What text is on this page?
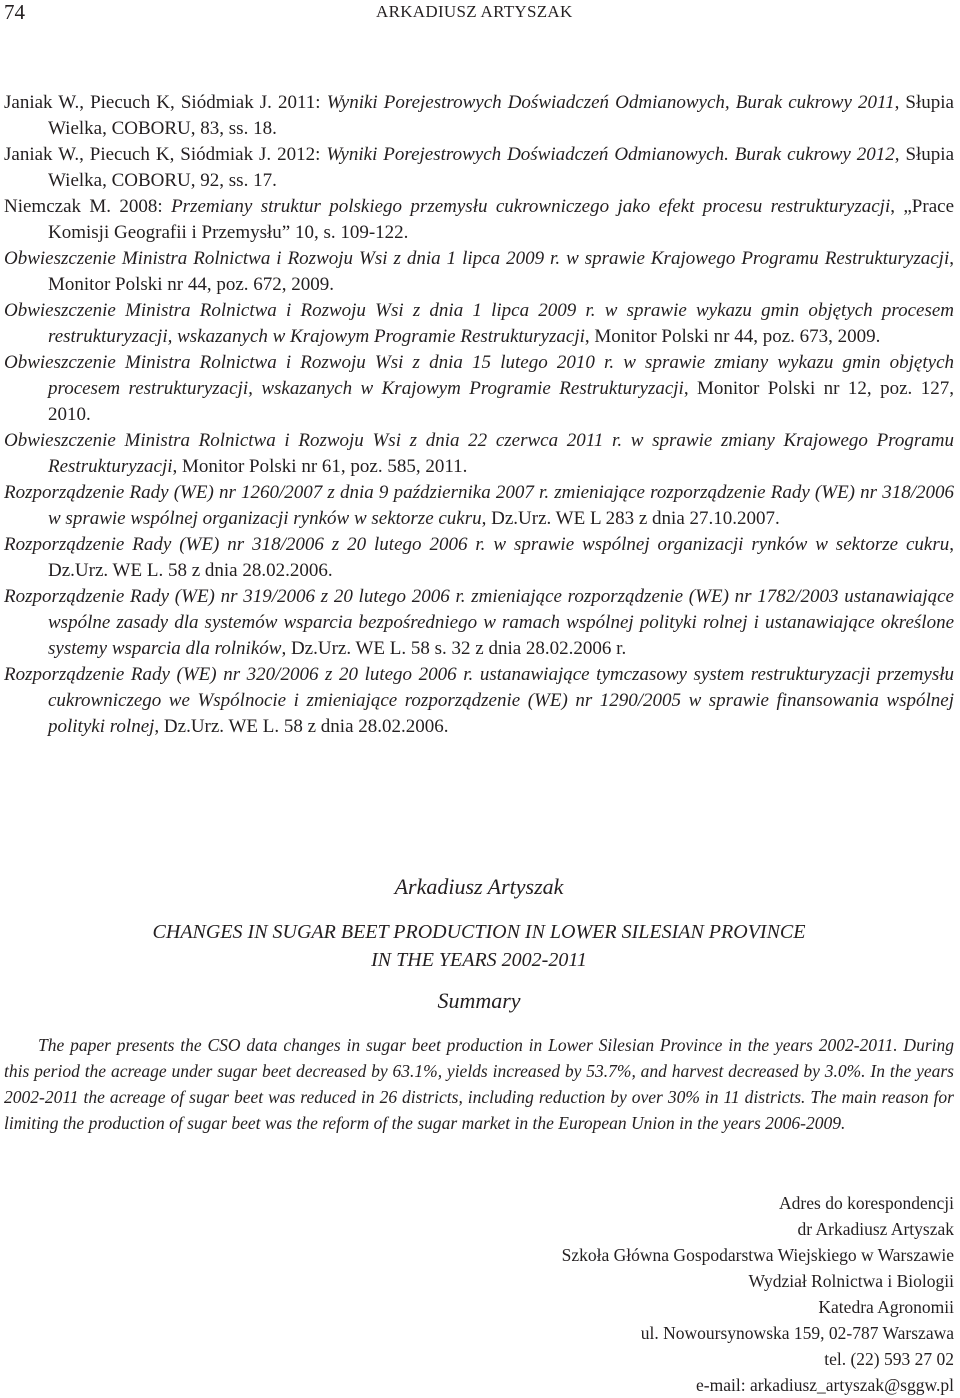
74	ARKADIUSZ ARTYSZAK
Janiak W., Piecuch K, Siódmiak J. 2011: Wyniki Porejestrowych Doświadczeń Odmianowych, Burak cukrowy 2011, Słupia Wielka, COBORU, 83, ss. 18.
Janiak W., Piecuch K, Siódmiak J. 2012: Wyniki Porejestrowych Doświadczeń Odmianowych. Burak cukrowy 2012, Słupia Wielka, COBORU, 92, ss. 17.
Niemczak M. 2008: Przemiany struktur polskiego przemysłu cukrowniczego jako efekt procesu restrukturyzacji, „Prace Komisji Geografii i Przemysłu” 10, s. 109-122.
Obwieszczenie Ministra Rolnictwa i Rozwoju Wsi z dnia 1 lipca 2009 r. w sprawie Krajowego Programu Restrukturyzacji, Monitor Polski nr 44, poz. 672, 2009.
Obwieszczenie Ministra Rolnictwa i Rozwoju Wsi z dnia 1 lipca 2009 r. w sprawie wykazu gmin objętych procesem restrukturyzacji, wskazanych w Krajowym Programie Restrukturyzacji, Monitor Polski nr 44, poz. 673, 2009.
Obwieszczenie Ministra Rolnictwa i Rozwoju Wsi z dnia 15 lutego 2010 r. w sprawie zmiany wykazu gmin objętych procesem restrukturyzacji, wskazanych w Krajowym Programie Restrukturyzacji, Monitor Polski nr 12, poz. 127, 2010.
Obwieszczenie Ministra Rolnictwa i Rozwoju Wsi z dnia 22 czerwca 2011 r. w sprawie zmiany Krajowego Programu Restrukturyzacji, Monitor Polski nr 61, poz. 585, 2011.
Rozporządzenie Rady (WE) nr 1260/2007 z dnia 9 października 2007 r. zmieniające rozporządzenie Rady (WE) nr 318/2006 w sprawie wspólnej organizacji rynków w sektorze cukru, Dz.Urz. WE L 283 z dnia 27.10.2007.
Rozporządzenie Rady (WE) nr 318/2006 z 20 lutego 2006 r. w sprawie wspólnej organizacji rynków w sektorze cukru, Dz.Urz. WE L. 58 z dnia 28.02.2006.
Rozporządzenie Rady (WE) nr 319/2006 z 20 lutego 2006 r. zmieniające rozporządzenie (WE) nr 1782/2003 ustanawiające wspólne zasady dla systemów wsparcia bezpośredniego w ramach wspólnej polityki rolnej i ustanawiające określone systemy wsparcia dla rolników, Dz.Urz. WE L. 58 s. 32 z dnia 28.02.2006 r.
Rozporządzenie Rady (WE) nr 320/2006 z 20 lutego 2006 r. ustanawiające tymczasowy system restrukturyzacji przemysłu cukrowniczego we Wspólnocie i zmieniające rozporządzenie (WE) nr 1290/2005 w sprawie finansowania wspólnej polityki rolnej, Dz.Urz. WE L. 58 z dnia 28.02.2006.
Arkadiusz Artyszak
CHANGES IN SUGAR BEET PRODUCTION IN LOWER SILESIAN PROVINCE
IN THE YEARS 2002-2011
Summary
The paper presents the CSO data changes in sugar beet production in Lower Silesian Province in the years 2002-2011. During this period the acreage under sugar beet decreased by 63.1%, yields increased by 53.7%, and harvest decreased by 3.0%. In the years 2002-2011 the acreage of sugar beet was reduced in 26 districts, including reduction by over 30% in 11 districts. The main reason for limiting the production of sugar beet was the reform of the sugar market in the European Union in the years 2006-2009.
Adres do korespondencji
dr Arkadiusz Artyszak
Szkoła Główna Gospodarstwa Wiejskiego w Warszawie
Wydział Rolnictwa i Biologii
Katedra Agronomii
ul. Nowoursynowska 159, 02-787 Warszawa
tel. (22) 593 27 02
e-mail: arkadiusz_artyszak@sggw.pl
